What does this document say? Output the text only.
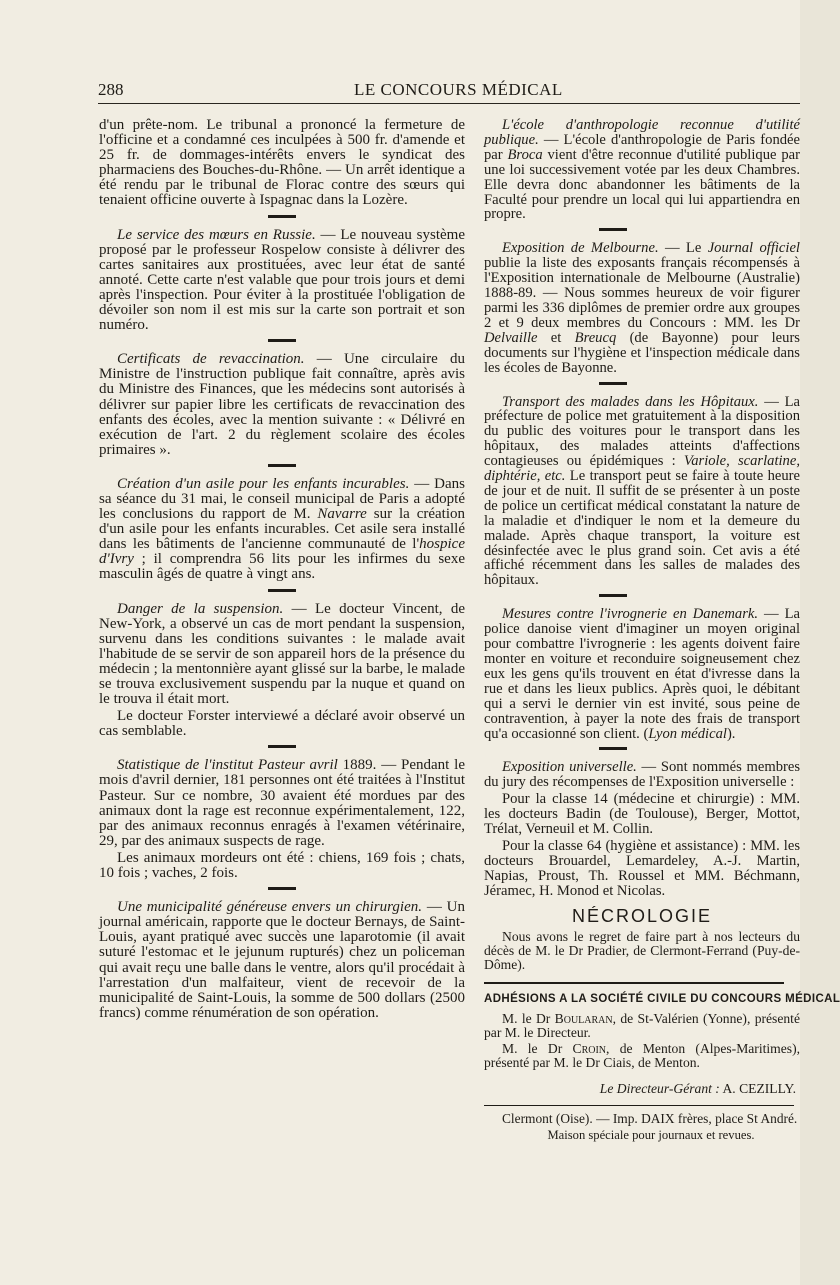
288	LE CONCOURS MÉDICAL

d'un prête-nom. Le tribunal a prononcé la fermeture de l'officine et a condamné ces inculpées à 500 fr. d'amende et 25 fr. de dommages-intérêts envers le syndicat des pharmaciens des Bouches-du-Rhône. — Un arrêt identique a été rendu par le tribunal de Florac contre des sœurs qui tenaient officine ouverte à Ispagnac dans la Lozère.

Le service des mœurs en Russie. — Le nouveau système proposé par le professeur Rospelow consiste à délivrer des cartes sanitaires aux prostituées, avec leur état de santé annoté. Cette carte n'est valable que pour trois jours et demi après l'inspection. Pour éviter à la prostituée l'obligation de dévoiler son nom il est mis sur la carte son portrait et son numéro.

Certificats de revaccination. — Une circulaire du Ministre de l'instruction publique fait connaître, après avis du Ministre des Finances, que les médecins sont autorisés à délivrer sur papier libre les certificats de revaccination des enfants des écoles, avec la mention suivante : « Délivré en exécution de l'art. 2 du règlement scolaire des écoles primaires ».

Création d'un asile pour les enfants incurables. — Dans sa séance du 31 mai, le conseil municipal de Paris a adopté les conclusions du rapport de M. Navarre sur la création d'un asile pour les enfants incurables. Cet asile sera installé dans les bâtiments de l'ancienne communauté de l'hospice d'Ivry ; il comprendra 56 lits pour les infirmes du sexe masculin âgés de quatre à vingt ans.

Danger de la suspension. — Le docteur Vincent, de New-York, a observé un cas de mort pendant la suspension, survenu dans les conditions suivantes : le malade avait l'habitude de se servir de son appareil hors de la présence du médecin ; la mentonnière ayant glissé sur la barbe, le malade se trouva exclusivement suspendu par la nuque et quand on le trouva il était mort.

Le docteur Forster interviewé a déclaré avoir observé un cas semblable.

Statistique de l'institut Pasteur avril 1889. — Pendant le mois d'avril dernier, 181 personnes ont été traitées à l'Institut Pasteur. Sur ce nombre, 30 avaient été mordues par des animaux dont la rage est reconnue expérimentalement, 122, par des animaux reconnus enragés à l'examen vétérinaire, 29, par des animaux suspects de rage.

Les animaux mordeurs ont été : chiens, 169 fois ; chats, 10 fois ; vaches, 2 fois.

Une municipalité généreuse envers un chirurgien. — Un journal américain, rapporte que le docteur Bernays, de Saint-Louis, ayant pratiqué avec succès une laparotomie (il avait suturé l'estomac et le jejunum rupturés) chez un policeman qui avait reçu une balle dans le ventre, alors qu'il procédait à l'arrestation d'un malfaiteur, vient de recevoir de la municipalité de Saint-Louis, la somme de 500 dollars (2500 francs) comme rénumération de son opération.

L'école d'anthropologie reconnue d'utilité publique. — L'école d'anthropologie de Paris fondée par Broca vient d'être reconnue d'utilité publique par une loi successivement votée par les deux Chambres. Elle devra donc abandonner les bâtiments de la Faculté pour prendre un local qui lui appartiendra en propre.

Exposition de Melbourne. — Le Journal officiel publie la liste des exposants français récompensés à l'Exposition internationale de Melbourne (Australie) 1888-89. — Nous sommes heureux de voir figurer parmi les 336 diplômes de premier ordre aux groupes 2 et 9 deux membres du Concours : MM. les Dr Delvaille et Breucq (de Bayonne) pour leurs documents sur l'hygiène et l'inspection médicale dans les écoles de Bayonne.

Transport des malades dans les Hôpitaux. — La préfecture de police met gratuitement à la disposition du public des voitures pour le transport dans les hôpitaux, des malades atteints d'affections contagieuses ou épidémiques : Variole, scarlatine, diphtérie, etc. Le transport peut se faire à toute heure de jour et de nuit. Il suffit de se présenter à un poste de police un certificat médical constatant la nature de la maladie et d'indiquer le nom et la demeure du malade. Après chaque transport, la voiture est désinfectée avec le plus grand soin. Cet avis a été affiché récemment dans les salles de malades des hôpitaux.

Mesures contre l'ivrognerie en Danemark. — La police danoise vient d'imaginer un moyen original pour combattre l'ivrognerie : les agents doivent faire monter en voiture et reconduire soigneusement chez eux les gens qu'ils trouvent en état d'ivresse dans la rue et dans les lieux publics. Après quoi, le débitant qui a servi le dernier vin est invité, sous peine de contravention, à payer la note des frais de transport qu'a occasionné son client. (Lyon médical).

Exposition universelle. — Sont nommés membres du jury des récompenses de l'Exposition universelle :

Pour la classe 14 (médecine et chirurgie) : MM. les docteurs Badin (de Toulouse), Berger, Mottot, Trélat, Verneuil et M. Collin.

Pour la classe 64 (hygiène et assistance) : MM. les docteurs Brouardel, Lemardeley, A.-J. Martin, Napias, Proust, Th. Roussel et MM. Béchmann, Jéramec, H. Monod et Nicolas.

NÉCROLOGIE

Nous avons le regret de faire part à nos lecteurs du décès de M. le Dr Pradier, de Clermont-Ferrand (Puy-de-Dôme).

ADHÉSIONS A LA SOCIÉTÉ CIVILE DU CONCOURS MÉDICAL

M. le Dr Boularan, de St-Valérien (Yonne), présenté par M. le Directeur.

M. le Dr Croin, de Menton (Alpes-Maritimes), présenté par M. le Dr Ciais, de Menton.

Le Directeur-Gérant : A. CEZILLY.

Clermont (Oise). — Imp. DAIX frères, place St André.

Maison spéciale pour journaux et revues.
